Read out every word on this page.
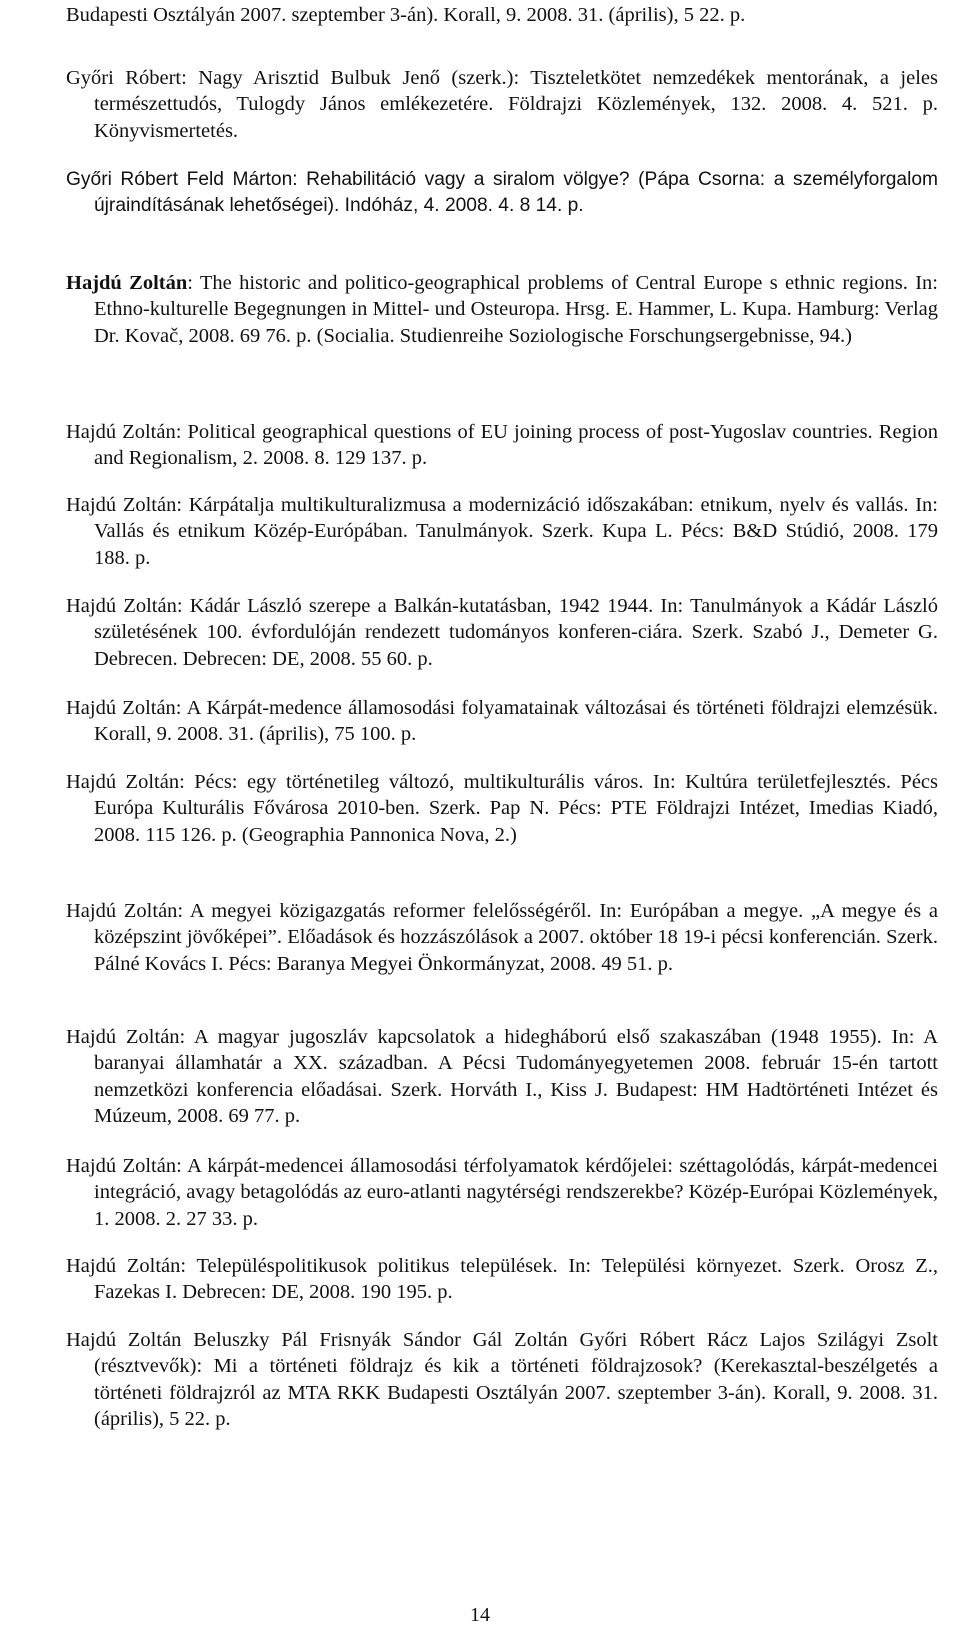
Budapesti Osztályán 2007. szeptember 3-án). Korall, 9. 2008. 31. (április), 5 22. p.

Győri Róbert: Nagy Arisztid Bulbuk Jenő (szerk.): Tiszteletkötet nemzedékek mentorának, a jeles természettudós, Tulogdy János emlékezetére. Földrajzi Közlemények, 132. 2008. 4. 521. p. Könyvismertetés.

Győri Róbert Feld Márton: Rehabilitáció vagy a siralom völgye? (Pápa Csorna: a személyforgalom újraindításának lehetőségei). Indóház, 4. 2008. 4. 8 14. p.

Hajdú Zoltán: The historic and politico-geographical problems of Central Europe s ethnic regions. In: Ethno-kulturelle Begegnungen in Mittel- und Osteuropa. Hrsg. E. Hammer, L. Kupa. Hamburg: Verlag Dr. Kovač, 2008. 69 76. p. (Socialia. Studienreihe Soziologische Forschungsergebnisse, 94.)

Hajdú Zoltán: Political geographical questions of EU joining process of post-Yugoslav countries. Region and Regionalism, 2. 2008. 8. 129 137. p.

Hajdú Zoltán: Kárpátalja multikulturalizmusa a modernizáció időszakában: etnikum, nyelv és vallás. In: Vallás és etnikum Közép-Európában. Tanulmányok. Szerk. Kupa L. Pécs: B&D Stúdió, 2008. 179 188. p.

Hajdú Zoltán: Kádár László szerepe a Balkán-kutatásban, 1942 1944. In: Tanulmányok a Kádár László születésének 100. évfordulóján rendezett tudományos konferen-ciára. Szerk. Szabó J., Demeter G. Debrecen. Debrecen: DE, 2008. 55 60. p.

Hajdú Zoltán: A Kárpát-medence államosodási folyamatainak változásai és történeti földrajzi elemzésük. Korall, 9. 2008. 31. (április), 75 100. p.

Hajdú Zoltán: Pécs: egy történetileg változó, multikulturális város. In: Kultúra területfejlesztés. Pécs Európa Kulturális Fővárosa 2010-ben. Szerk. Pap N. Pécs: PTE Földrajzi Intézet, Imedias Kiadó, 2008. 115 126. p. (Geographia Pannonica Nova, 2.)

Hajdú Zoltán: A megyei közigazgatás reformer felelősségéről. In: Európában a megye. „A megye és a középszint jövőképei”. Előadások és hozzászólások a 2007. október 18 19-i pécsi konferencián. Szerk. Pálné Kovács I. Pécs: Baranya Megyei Önkormányzat, 2008. 49 51. p.

Hajdú Zoltán: A magyar jugoszláv kapcsolatok a hidegháború első szakaszában (1948 1955). In: A baranyai államhatár a XX. században. A Pécsi Tudományegyetemen 2008. február 15-én tartott nemzetközi konferencia előadásai. Szerk. Horváth I., Kiss J. Budapest: HM Hadtörténeti Intézet és Múzeum, 2008. 69 77. p.

Hajdú Zoltán: A kárpát-medencei államosodási térfolyamatok kérdőjelei: széttagolódás, kárpát-medencei integráció, avagy betagolódás az euro-atlanti nagytérségi rendszerekbe? Közép-Európai Közlemények, 1. 2008. 2. 27 33. p.

Hajdú Zoltán: Településpolitikusok politikus települések. In: Települési környezet. Szerk. Orosz Z., Fazekas I. Debrecen: DE, 2008. 190 195. p.

Hajdú Zoltán Beluszky Pál Frisnyák Sándor Gál Zoltán Győri Róbert Rácz Lajos Szilágyi Zsolt (résztvevők): Mi a történeti földrajz és kik a történeti földrajzosok? (Kerekasztal-beszélgetés a történeti földrajzról az MTA RKK Budapesti Osztályán 2007. szeptember 3-án). Korall, 9. 2008. 31. (április), 5 22. p.

14
